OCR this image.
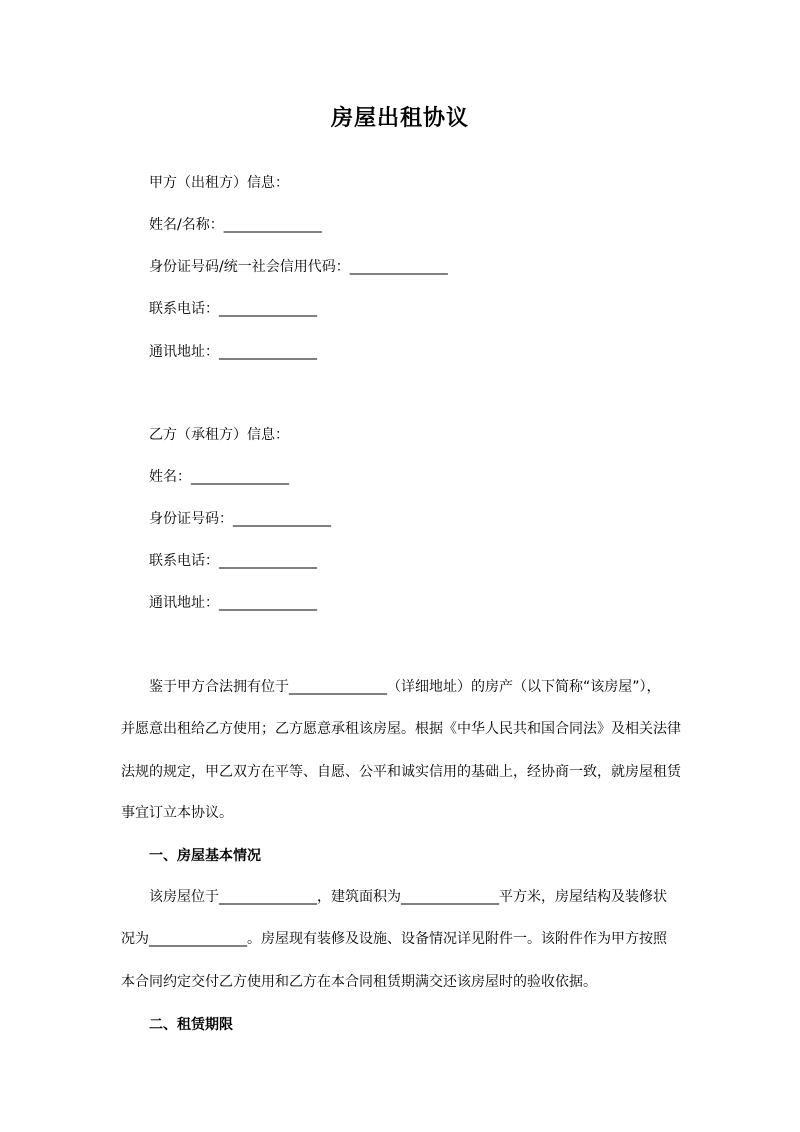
房屋出租协议
甲方（出租方）信息：
姓名/名称：______________
身份证号码/统一社会信用代码：______________
联系电话：______________
通讯地址：______________
乙方（承租方）信息：
姓名：______________
身份证号码：______________
联系电话：______________
通讯地址：______________
鉴于甲方合法拥有位于______________（详细地址）的房产（以下简称“该房屋”），
并愿意出租给乙方使用；乙方愿意承租该房屋。根据《中华人民共和国合同法》及相关法律
法规的规定，甲乙双方在平等、自愿、公平和诚实信用的基础上，经协商一致，就房屋租赁
事宜订立本协议。
一、房屋基本情况
该房屋位于______________，建筑面积为______________平方米，房屋结构及装修状
况为______________。房屋现有装修及设施、设备情况详见附件一。该附件作为甲方按照
本合同约定交付乙方使用和乙方在本合同租赁期满交还该房屋时的验收依据。
二、租赁期限
